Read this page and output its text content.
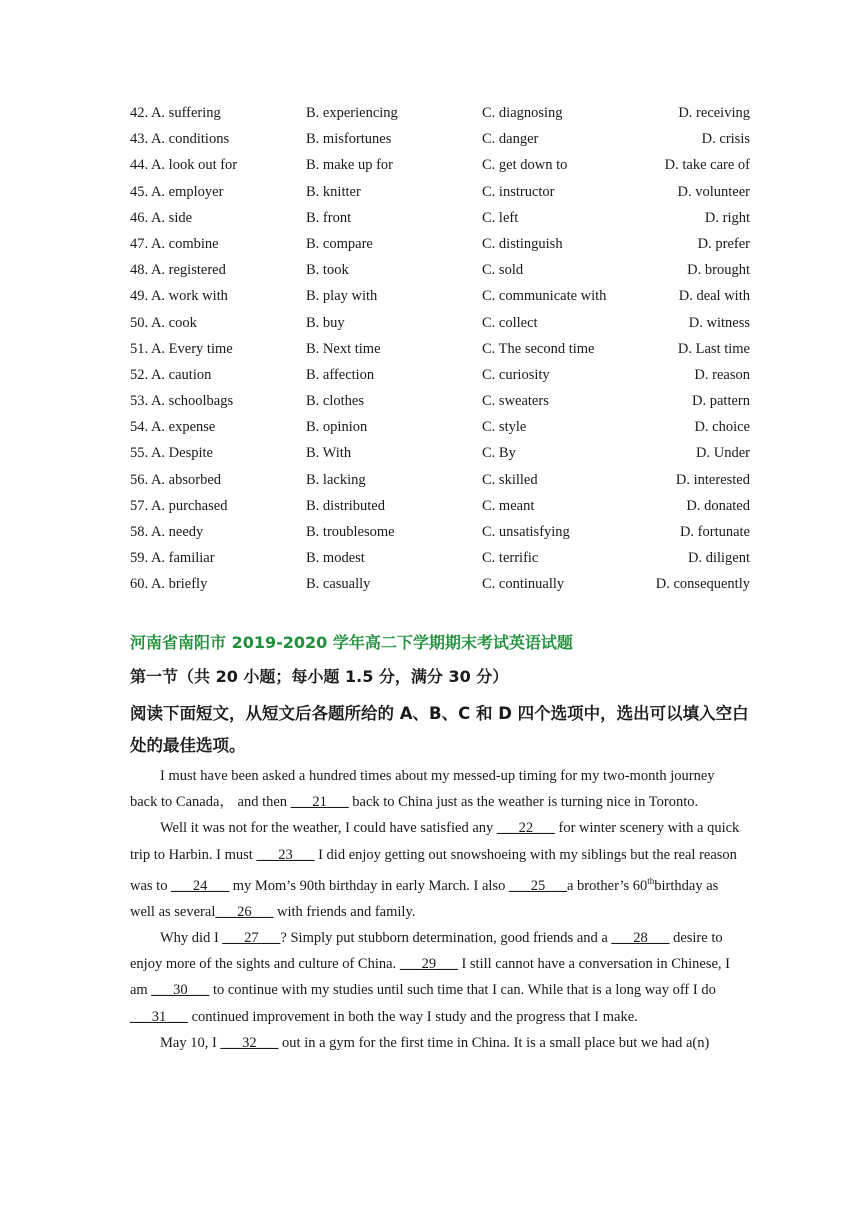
42. A. suffering	B. experiencing	C. diagnosing	D. receiving
43. A. conditions	B. misfortunes	C. danger	D. crisis
44. A. look out for	B. make up for	C. get down to	D. take care of
45. A. employer	B. knitter	C. instructor	D. volunteer
46. A. side	B. front	C. left	D. right
47. A. combine	B. compare	C. distinguish	D. prefer
48. A. registered	B. took	C. sold	D. brought
49. A. work with	B. play with	C. communicate with	D. deal with
50. A. cook	B. buy	C. collect	D. witness
51. A. Every time	B. Next time	C. The second time	D. Last time
52. A. caution	B. affection	C. curiosity	D. reason
53. A. schoolbags	B. clothes	C. sweaters	D. pattern
54. A. expense	B. opinion	C. style	D. choice
55. A. Despite	B. With	C. By	D. Under
56. A. absorbed	B. lacking	C. skilled	D. interested
57. A. purchased	B. distributed	C. meant	D. donated
58. A. needy	B. troublesome	C. unsatisfying	D. fortunate
59. A. familiar	B. modest	C. terrific	D. diligent
60. A. briefly	B. casually	C. continually	D. consequently
河南省南阳市 2019-2020 学年高二下学期期末考试英语试题
第一节（共 20 小题；每小题 1.5 分，满分 30 分）
阅读下面短文，从短文后各题所给的 A、B、C 和 D 四个选项中，选出可以填入空白处的最佳选项。

I must have been asked a hundred times about my messed-up timing for my two-month journey back to Canada， and then ___21___ back to China just as the weather is turning nice in Toronto.

Well it was not for the weather, I could have satisfied any ___22___ for winter scenery with a quick trip to Harbin. I must ___23___ I did enjoy getting out snowshoeing with my siblings but the real reason was to ___24___ my Mom’s 90th birthday in early March. I also ___25___a brother’s 60thbirthday as well as several___26___ with friends and family.

Why did I ___27___? Simply put stubborn determination, good friends and a ___28___ desire to enjoy more of the sights and culture of China. ___29___ I still cannot have a conversation in Chinese, I am ___30___ to continue with my studies until such time that I can. While that is a long way off I do ___31___ continued improvement in both the way I study and the progress that I make.

May 10, I ___32___ out in a gym for the first time in China. It is a small place but we had a(n)
